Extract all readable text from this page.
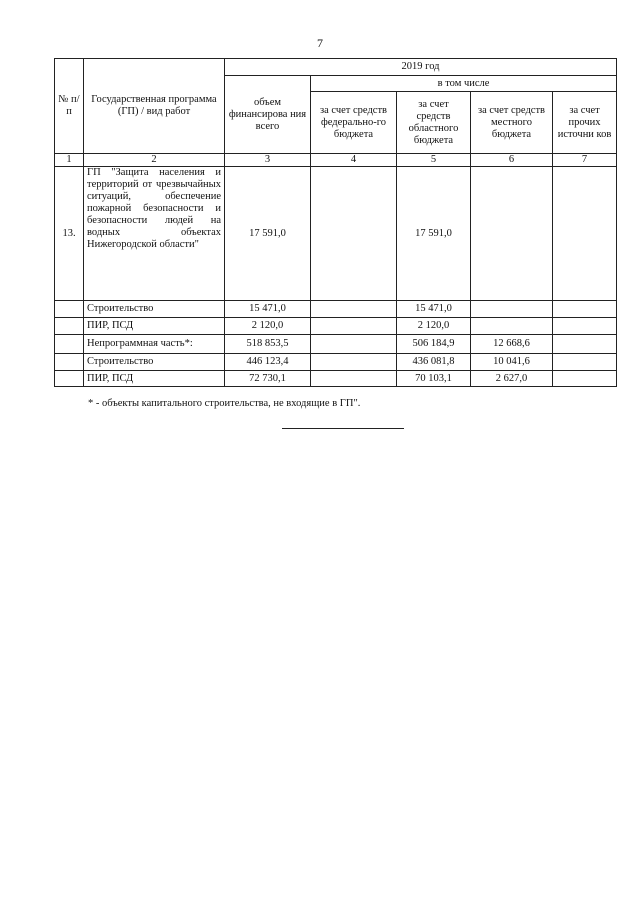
7
№ п/п	Государственная программа (ГП) / вид работ	2019 год				
		объем финансирова ния всего	в том числе			
			за счет средств федерально-го бюджета	за счет средств областного бюджета	за счет средств местного бюджета	за счет прочих источни ков
1	2	3	4	5	6	7
13.	ГП "Защита населения и территорий от чрезвычайных ситуаций, обеспечение пожарной безопасности и безопасности людей на водных объектах Нижегородской области"	17 591,0		17 591,0		
	Строительство	15 471,0		15 471,0		
	ПИР, ПСД	2 120,0		2 120,0		
	Непрограммная часть*:	518 853,5		506 184,9	12 668,6	
	Строительство	446 123,4		436 081,8	10 041,6	
	ПИР, ПСД	72 730,1		70 103,1	2 627,0	
* - объекты капитального строительства, не входящие в ГП".
